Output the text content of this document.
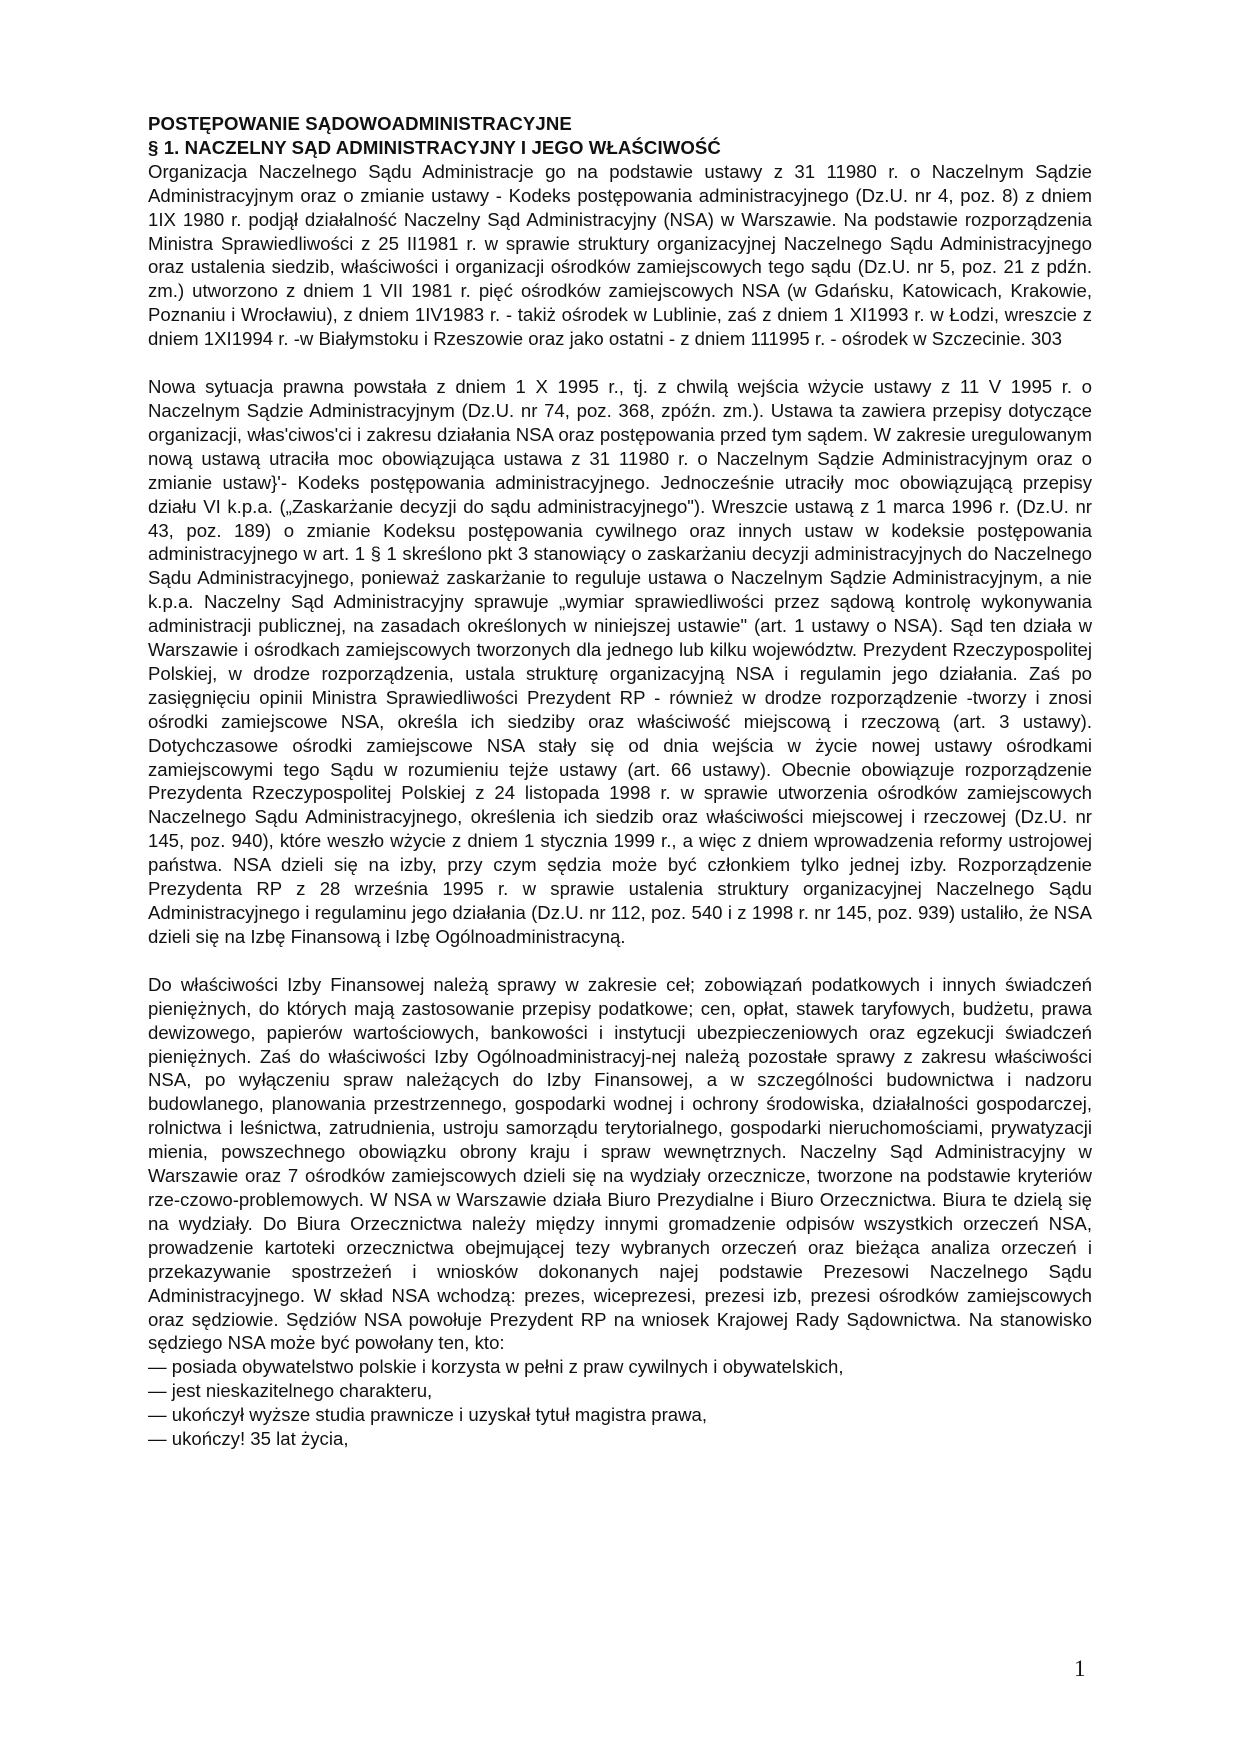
POSTĘPOWANIE SĄDOWOADMINISTRACYJNE

§ 1. NACZELNY SĄD ADMINISTRACYJNY I JEGO WŁAŚCIWOŚĆ

Organizacja Naczelnego Sądu Administracje go na podstawie ustawy z 31 11980 r. o Naczelnym Sądzie Administracyjnym oraz o zmianie ustawy - Kodeks postępowania administracyjnego (Dz.U. nr 4, poz. 8) z dniem 1IX 1980 r. podjął działalność Naczelny Sąd Administracyjny (NSA) w Warszawie. Na podstawie rozporządzenia Ministra Sprawiedliwości z 25 II1981 r. w sprawie struktury organizacyjnej Naczelnego Sądu Administracyjnego oraz ustalenia siedzib, właściwości i organizacji ośrodków zamiejscowych tego sądu (Dz.U. nr 5, poz. 21 z pdźn. zm.) utworzono z dniem 1 VII 1981 r. pięć ośrodków zamiejscowych NSA (w Gdańsku, Katowicach, Krakowie, Poznaniu i Wrocławiu), z dniem 1IV1983 r. - takiż ośrodek w Lublinie, zaś z dniem 1 XI1993 r. w Łodzi, wreszcie z dniem 1XI1994 r. -w Białymstoku i Rzeszowie oraz jako ostatni - z dniem 111995 r. - ośrodek w Szczecinie. 303

Nowa sytuacja prawna powstała z dniem 1 X 1995 r., tj. z chwilą wejścia wżycie ustawy z 11 V 1995 r. o Naczelnym Sądzie Administracyjnym (Dz.U. nr 74, poz. 368, zpóźn. zm.). Ustawa ta zawiera przepisy dotyczące organizacji, włas'ciwos'ci i zakresu działania NSA oraz postępowania przed tym sądem. W zakresie uregulowanym nową ustawą utraciła moc obowiązująca ustawa z 31 11980 r. o Naczelnym Sądzie Administracyjnym oraz o zmianie ustaw}'- Kodeks postępowania administracyjnego. Jednocześnie utraciły moc obowiązującą przepisy działu VI k.p.a. („Zaskarżanie decyzji do sądu administracyjnego"). Wreszcie ustawą z 1 marca 1996 r. (Dz.U. nr 43, poz. 189) o zmianie Kodeksu postępowania cywilnego oraz innych ustaw w kodeksie postępowania administracyjnego w art. 1 § 1 skreślono pkt 3 stanowiący o zaskarżaniu decyzji administracyjnych do Naczelnego Sądu Administracyjnego, ponieważ zaskarżanie to reguluje ustawa o Naczelnym Sądzie Administracyjnym, a nie k.p.a. Naczelny Sąd Administracyjny sprawuje „wymiar sprawiedliwości przez sądową kontrolę wykonywania administracji publicznej, na zasadach określonych w niniejszej ustawie" (art. 1 ustawy o NSA). Sąd ten działa w Warszawie i ośrodkach zamiejscowych tworzonych dla jednego lub kilku województw. Prezydent Rzeczypospolitej Polskiej, w drodze rozporządzenia, ustala strukturę organizacyjną NSA i regulamin jego działania. Zaś po zasięgnięciu opinii Ministra Sprawiedliwości Prezydent RP - również w drodze rozporządzenie -tworzy i znosi ośrodki zamiejscowe NSA, określa ich siedziby oraz właściwość miejscową i rzeczową (art. 3 ustawy). Dotychczasowe ośrodki zamiejscowe NSA stały się od dnia wejścia w życie nowej ustawy ośrodkami zamiejscowymi tego Sądu w rozumieniu tejże ustawy (art. 66 ustawy). Obecnie obowiązuje rozporządzenie Prezydenta Rzeczypospolitej Polskiej z 24 listopada 1998 r. w sprawie utworzenia ośrodków zamiejscowych Naczelnego Sądu Administracyjnego, określenia ich siedzib oraz właściwości miejscowej i rzeczowej (Dz.U. nr 145, poz. 940), które weszło wżycie z dniem 1 stycznia 1999 r., a więc z dniem wprowadzenia reformy ustrojowej państwa. NSA dzieli się na izby, przy czym sędzia może być członkiem tylko jednej izby. Rozporządzenie Prezydenta RP z 28 września 1995 r. w sprawie ustalenia struktury organizacyjnej Naczelnego Sądu Administracyjnego i regulaminu jego działania (Dz.U. nr 112, poz. 540 i z 1998 r. nr 145, poz. 939) ustaliło, że NSA dzieli się na Izbę Finansową i Izbę Ogólnoadministracyną.

Do właściwości Izby Finansowej należą sprawy w zakresie ceł; zobowiązań podatkowych i innych świadczeń pieniężnych, do których mają zastosowanie przepisy podatkowe; cen, opłat, stawek taryfowych, budżetu, prawa dewizowego, papierów wartościowych, bankowości i instytucji ubezpieczeniowych oraz egzekucji świadczeń pieniężnych. Zaś do właściwości Izby Ogólnoadministracyj-nej należą pozostałe sprawy z zakresu właściwości NSA, po wyłączeniu spraw należących do Izby Finansowej, a w szczególności budownictwa i nadzoru budowlanego, planowania przestrzennego, gospodarki wodnej i ochrony środowiska, działalności gospodarczej, rolnictwa i leśnictwa, zatrudnienia, ustroju samorządu terytorialnego, gospodarki nieruchomościami, prywatyzacji mienia, powszechnego obowiązku obrony kraju i spraw wewnętrznych. Naczelny Sąd Administracyjny w Warszawie oraz 7 ośrodków zamiejscowych dzieli się na wydziały orzecznicze, tworzone na podstawie kryteriów rze-czowo-problemowych. W NSA w Warszawie działa Biuro Prezydialne i Biuro Orzecznictwa. Biura te dzielą się na wydziały. Do Biura Orzecznictwa należy między innymi gromadzenie odpisów wszystkich orzeczeń NSA, prowadzenie kartoteki orzecznictwa obejmującej tezy wybranych orzeczeń oraz bieżąca analiza orzeczeń i przekazywanie spostrzeżeń i wniosków dokonanych najej podstawie Prezesowi Naczelnego Sądu Administracyjnego. W skład NSA wchodzą: prezes, wiceprezesi, prezesi izb, prezesi ośrodków zamiejscowych oraz sędziowie. Sędziów NSA powołuje Prezydent RP na wniosek Krajowej Rady Sądownictwa. Na stanowisko sędziego NSA może być powołany ten, kto:

— posiada obywatelstwo polskie i korzysta w pełni z praw cywilnych i obywatelskich,
— jest nieskazitelnego charakteru,
— ukończył wyższe studia prawnicze i uzyskał tytuł magistra prawa,
— ukończy! 35 lat życia,
1
